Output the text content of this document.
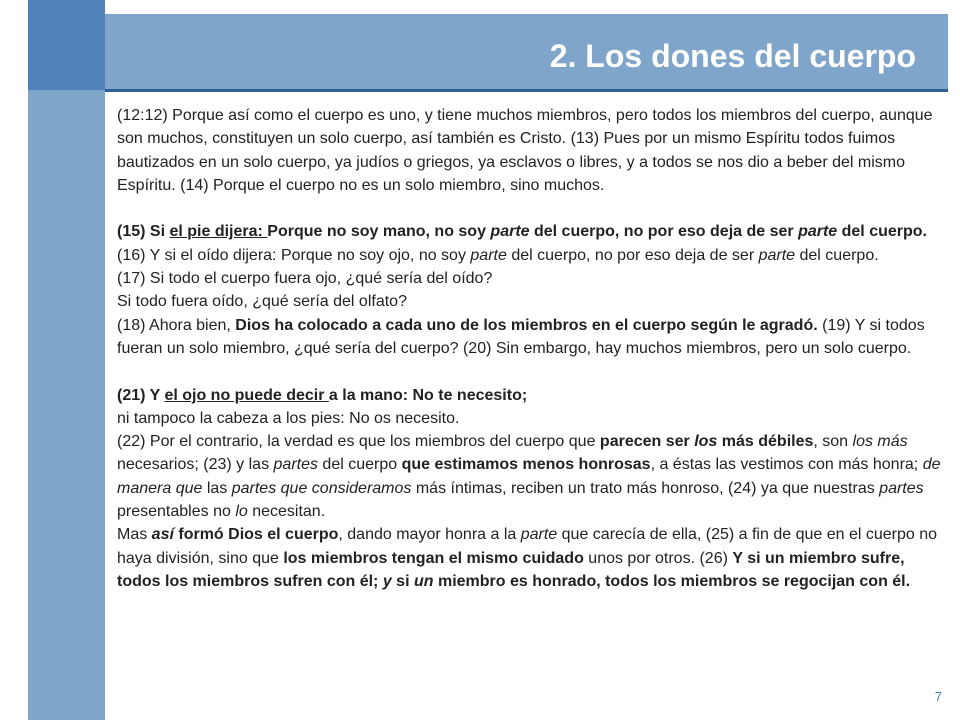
2. Los dones del cuerpo

(12:12) Porque así como el cuerpo es uno, y tiene muchos miembros, pero todos los miembros del cuerpo, aunque son muchos, constituyen un solo cuerpo, así también es Cristo. (13) Pues por un mismo Espíritu todos fuimos bautizados en un solo cuerpo, ya judíos o griegos, ya esclavos o libres, y a todos se nos dio a beber del mismo Espíritu. (14) Porque el cuerpo no es un solo miembro, sino muchos.

(15) Si el pie dijera: Porque no soy mano, no soy parte del cuerpo, no por eso deja de ser parte del cuerpo.

(16) Y si el oído dijera: Porque no soy ojo, no soy parte del cuerpo, no por eso deja de ser parte del cuerpo.

(17) Si todo el cuerpo fuera ojo, ¿qué sería del oído?

Si todo fuera oído, ¿qué sería del olfato?

(18) Ahora bien, Dios ha colocado a cada uno de los miembros en el cuerpo según le agradó. (19) Y si todos fueran un solo miembro, ¿qué sería del cuerpo? (20) Sin embargo, hay muchos miembros, pero un solo cuerpo.

(21) Y el ojo no puede decir a la mano: No te necesito;

ni tampoco la cabeza a los pies: No os necesito.

(22) Por el contrario, la verdad es que los miembros del cuerpo que parecen ser los más débiles, son los más necesarios; (23) y las partes del cuerpo que estimamos menos honrosas, a éstas las vestimos con más honra; de manera que las partes que consideramos más íntimas, reciben un trato más honroso, (24) ya que nuestras partes presentables no lo necesitan.

Mas así formó Dios el cuerpo, dando mayor honra a la parte que carecía de ella, (25) a fin de que en el cuerpo no haya división, sino que los miembros tengan el mismo cuidado unos por otros. (26) Y si un miembro sufre, todos los miembros sufren con él; y si un miembro es honrado, todos los miembros se regocijan con él.

7
